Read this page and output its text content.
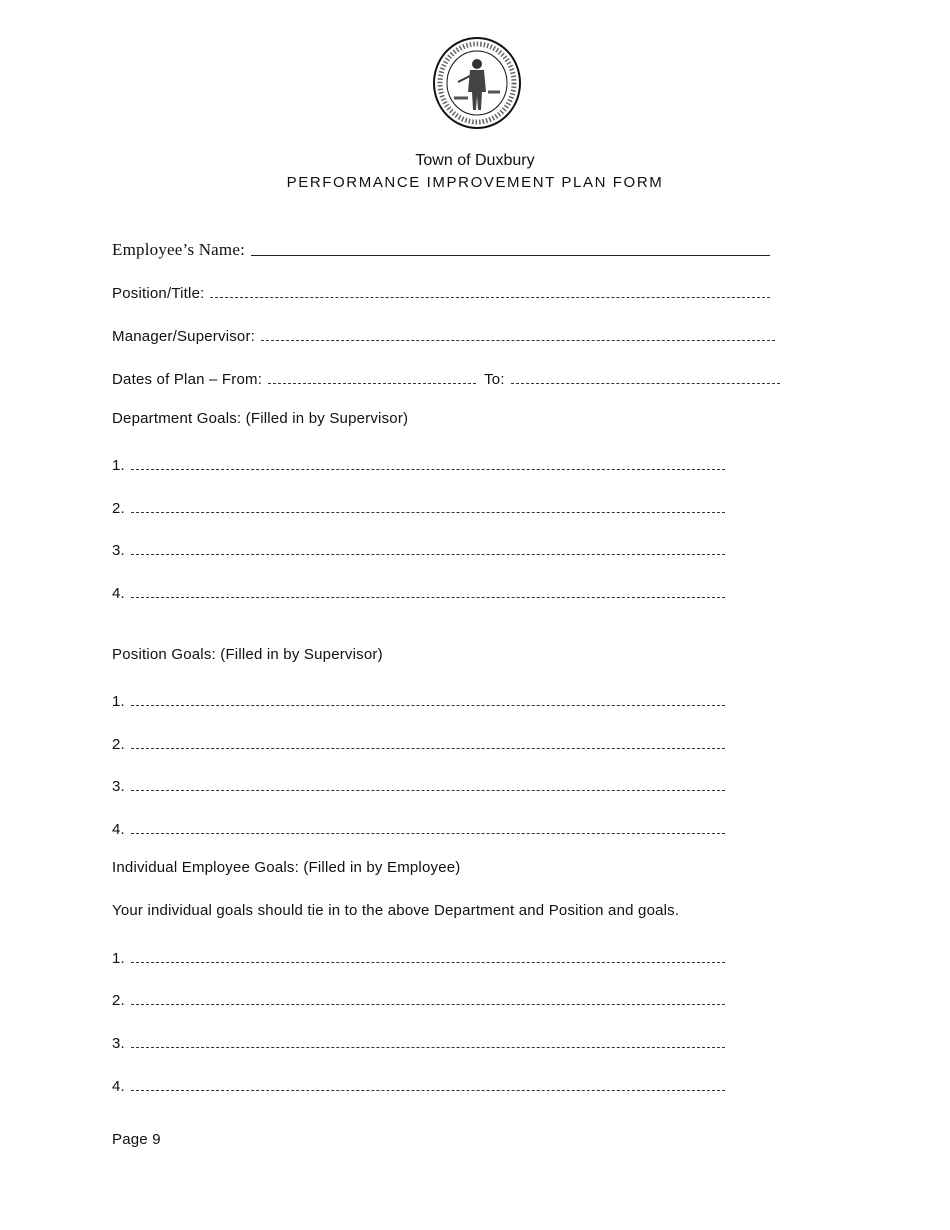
Town of Duxbury
PERFORMANCE IMPROVEMENT PLAN FORM
Employee’s Name:
Position/Title:
Manager/Supervisor:
Dates of Plan – From:	To:
Department Goals: (Filled in by Supervisor)
1.
2.
3.
4.
Position Goals: (Filled in by Supervisor)
1.
2.
3.
4.
Individual Employee Goals: (Filled in by Employee)
Your individual goals should tie in to the above Department and Position and goals.
1.
2.
3.
4.
Page 9
